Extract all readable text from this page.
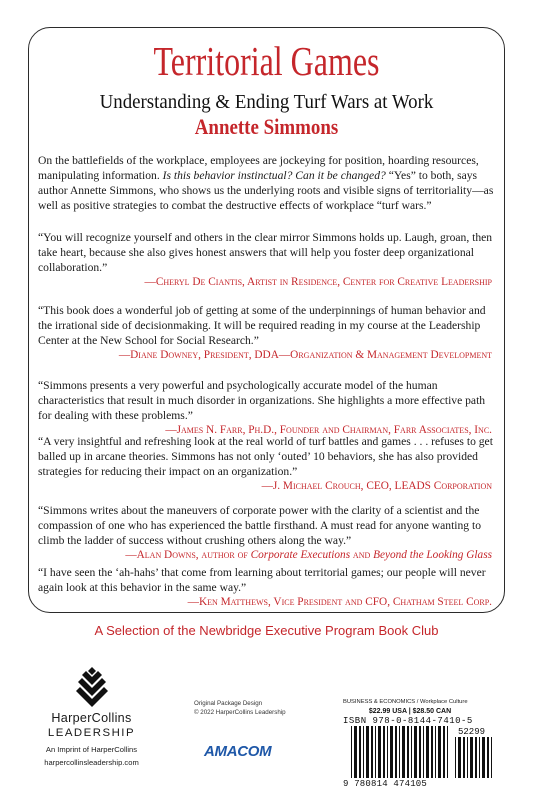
Territorial Games
Understanding & Ending Turf Wars at Work
Annette Simmons
On the battlefields of the workplace, employees are jockeying for position, hoarding resources, manipulating information. Is this behavior instinctual? Can it be changed? “Yes” to both, says author Annette Simmons, who shows us the underlying roots and visible signs of territoriality—as well as positive strategies to combat the destructive effects of workplace “turf wars.”
“You will recognize yourself and others in the clear mirror Simmons holds up. Laugh, groan, then take heart, because she also gives honest answers that will help you foster deep organizational collaboration.”
—Cheryl De Ciantis, Artist in Residence, Center for Creative Leadership
“This book does a wonderful job of getting at some of the underpinnings of human behavior and the irrational side of decisionmaking. It will be required reading in my course at the Leadership Center at the New School for Social Research.”
—Diane Downey, President, DDA—Organization & Management Development
“Simmons presents a very powerful and psychologically accurate model of the human characteristics that result in much disorder in organizations. She highlights a more effective path for dealing with these problems.”
—James N. Farr, Ph.D., Founder and Chairman, Farr Associates, Inc.
“A very insightful and refreshing look at the real world of turf battles and games . . . refuses to get balled up in arcane theories. Simmons has not only ‘outed’ 10 behaviors, she has also provided strategies for reducing their impact on an organization.”
—J. Michael Crouch, CEO, LEADS Corporation
“Simmons writes about the maneuvers of corporate power with the clarity of a scientist and the compassion of one who has experienced the battle firsthand. A must read for anyone wanting to climb the ladder of success without crushing others along the way.”
—Alan Downs, author of Corporate Executions and Beyond the Looking Glass
“I have seen the ‘ah-hahs’ that come from learning about territorial games; our people will never again look at this behavior in the same way.”
—Ken Matthews, Vice President and CFO, Chatham Steel Corp.
A Selection of the Newbridge Executive Program Book Club
HarperCollins
LEADERSHIP
An Imprint of HarperCollins
harpercollinsleadership.com
Original Package Design
© 2022 HarperCollins Leadership
AMACOM
BUSINESS & ECONOMICS / Workplace Culture
$22.99 USA | $28.50 CAN
ISBN 978-0-8144-7410-5
52299
9 780814 474105
